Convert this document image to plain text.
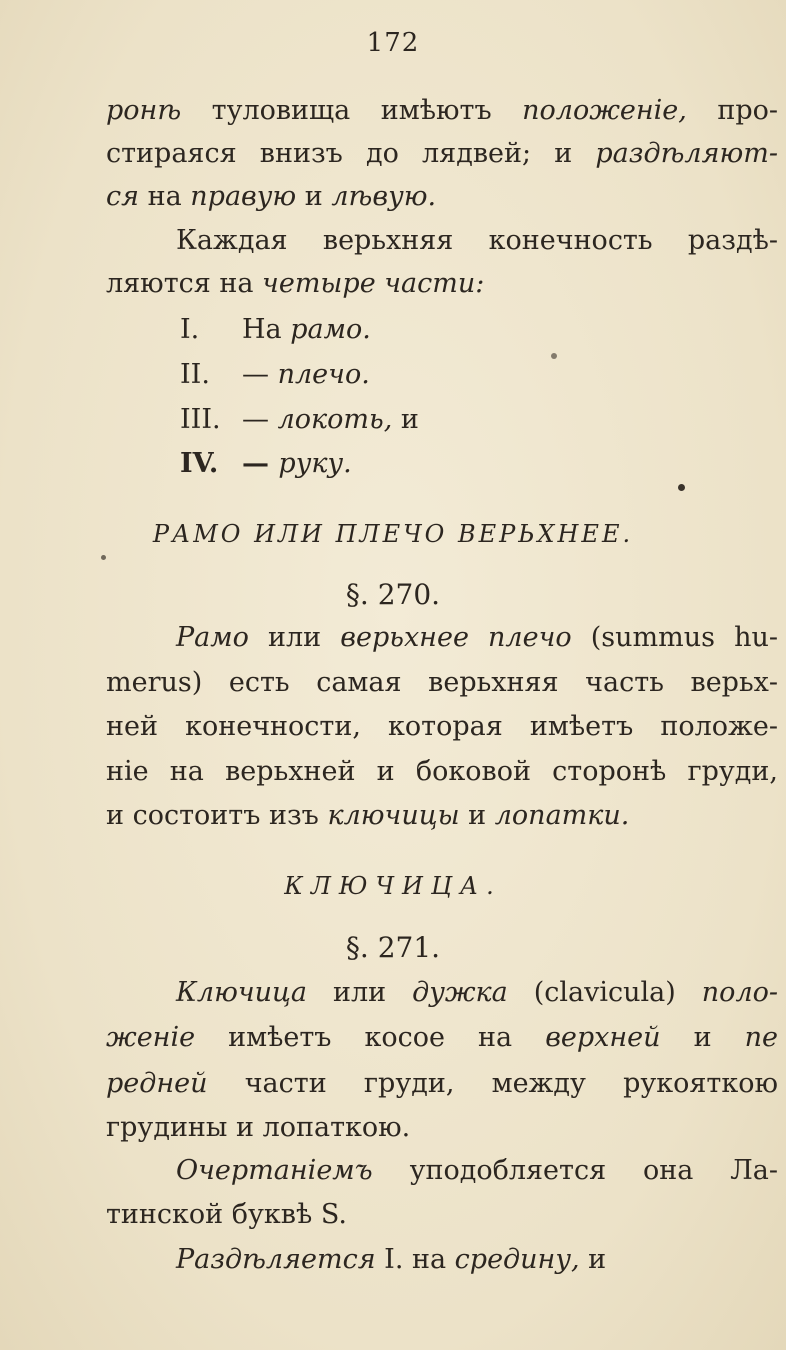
172
ронѣ туловища имѣютъ положеніе, про-
стираяся внизъ до лядвей; и раздѣляют-
ся на правую и лѣвую.
Каждая верьхняя конечность раздѣ-
ляются на четыре части:
I. На рамо.
II. — плечо.
III. — локоть, и
IV. — руку.
РАМО ИЛИ ПЛЕЧО ВЕРЬХНЕЕ.
§. 270.
Рамо или верьхнее плечо (summus hu-
merus) есть самая верьхняя часть верьх-
ней конечности, которая имѣетъ положе-
ніе на верьхней и боковой сторонѣ груди,
и состоитъ изъ ключицы и лопатки.
КЛЮЧИЦА.
§. 271.
Ключица или дужка (clavicula) поло-
женіе имѣетъ косое на верхней и пе
редней части груди, между рукояткою
грудины и лопаткою.
Очертаніемъ уподобляется она Ла-
тинской буквѣ S.
Раздѣляется I. на средину, и
